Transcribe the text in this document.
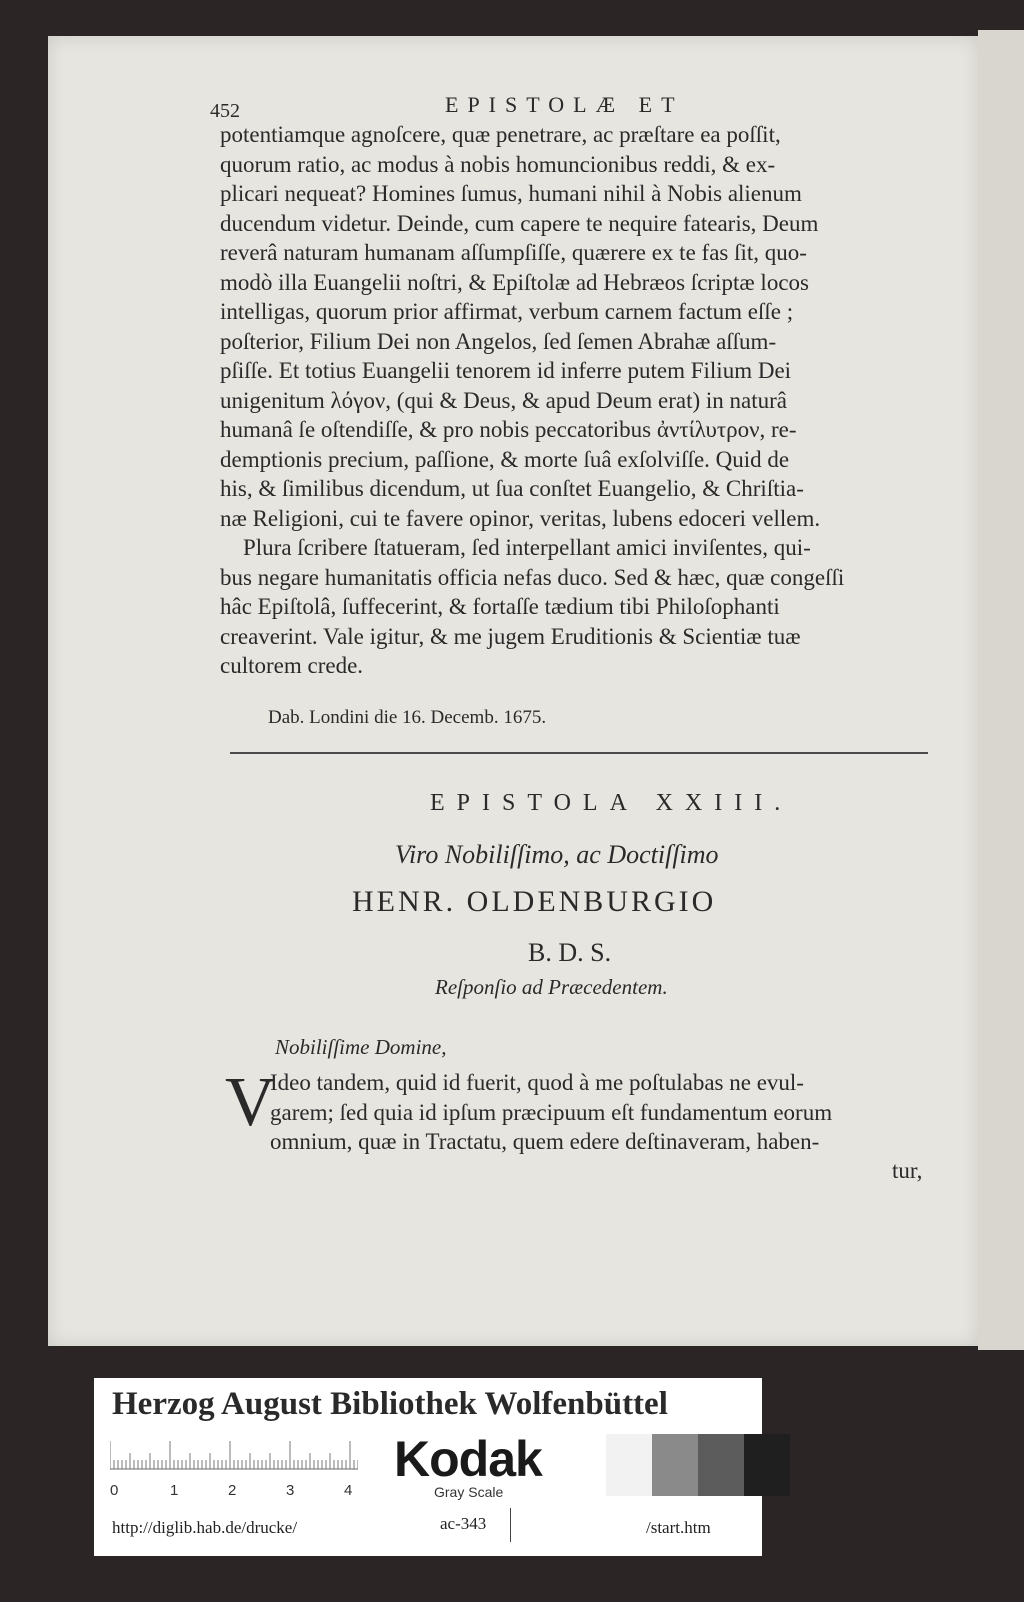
452	EPISTOLÆ ET
potentiamque agnoſcere, quæ penetrare, ac præſtare ea poſſit,
quorum ratio, ac modus à nobis homuncionibus reddi, & ex-
plicari nequeat? Homines ſumus, humani nihil à Nobis alienum
ducendum videtur. Deinde, cum capere te nequire fatearis, Deum
reverâ naturam humanam aſſumpſiſſe, quærere ex te fas ſit, quo-
modò illa Euangelii noſtri, & Epiſtolæ ad Hebræos ſcriptæ locos
intelligas, quorum prior affirmat, verbum carnem factum eſſe ;
poſterior, Filium Dei non Angelos, ſed ſemen Abrahæ aſſum-
pſiſſe. Et totius Euangelii tenorem id inferre putem Filium Dei
unigenitum λόγον, (qui & Deus, & apud Deum erat) in naturâ
humanâ ſe oſtendiſſe, & pro nobis peccatoribus ἀντίλυτρον, re-
demptionis precium, paſſione, & morte ſuâ exſolviſſe. Quid de
his, & ſimilibus dicendum, ut ſua conſtet Euangelio, & Chriſtia-
næ Religioni, cui te favere opinor, veritas, lubens edoceri vellem.
Plura ſcribere ſtatueram, ſed interpellant amici inviſentes, qui-
bus negare humanitatis officia nefas duco. Sed & hæc, quæ congeſſi
hâc Epiſtolâ, ſuffecerint, & fortaſſe tædium tibi Philoſophanti
creaverint. Vale igitur, & me jugem Eruditionis & Scientiæ tuæ
cultorem crede.
Dab. Londini die 16. Decemb. 1675.
EPISTOLA XXIII.
Viro Nobiliſſimo, ac Doctiſſimo
HENR. OLDENBURGIO
B. D. S.
Reſponſio ad Præcedentem.
Nobiliſſime Domine,
V
Ideo tandem, quid id fuerit, quod à me poſtulabas ne evul-
garem; ſed quia id ipſum præcipuum eſt fundamentum eorum
omnium, quæ in Tractatu, quem edere deſtinaveram, haben-
tur,
Herzog August Bibliothek Wolfenbüttel
0	1	2	3	4
Kodak
Gray Scale
http://diglib.hab.de/drucke/	ac-343	/start.htm
